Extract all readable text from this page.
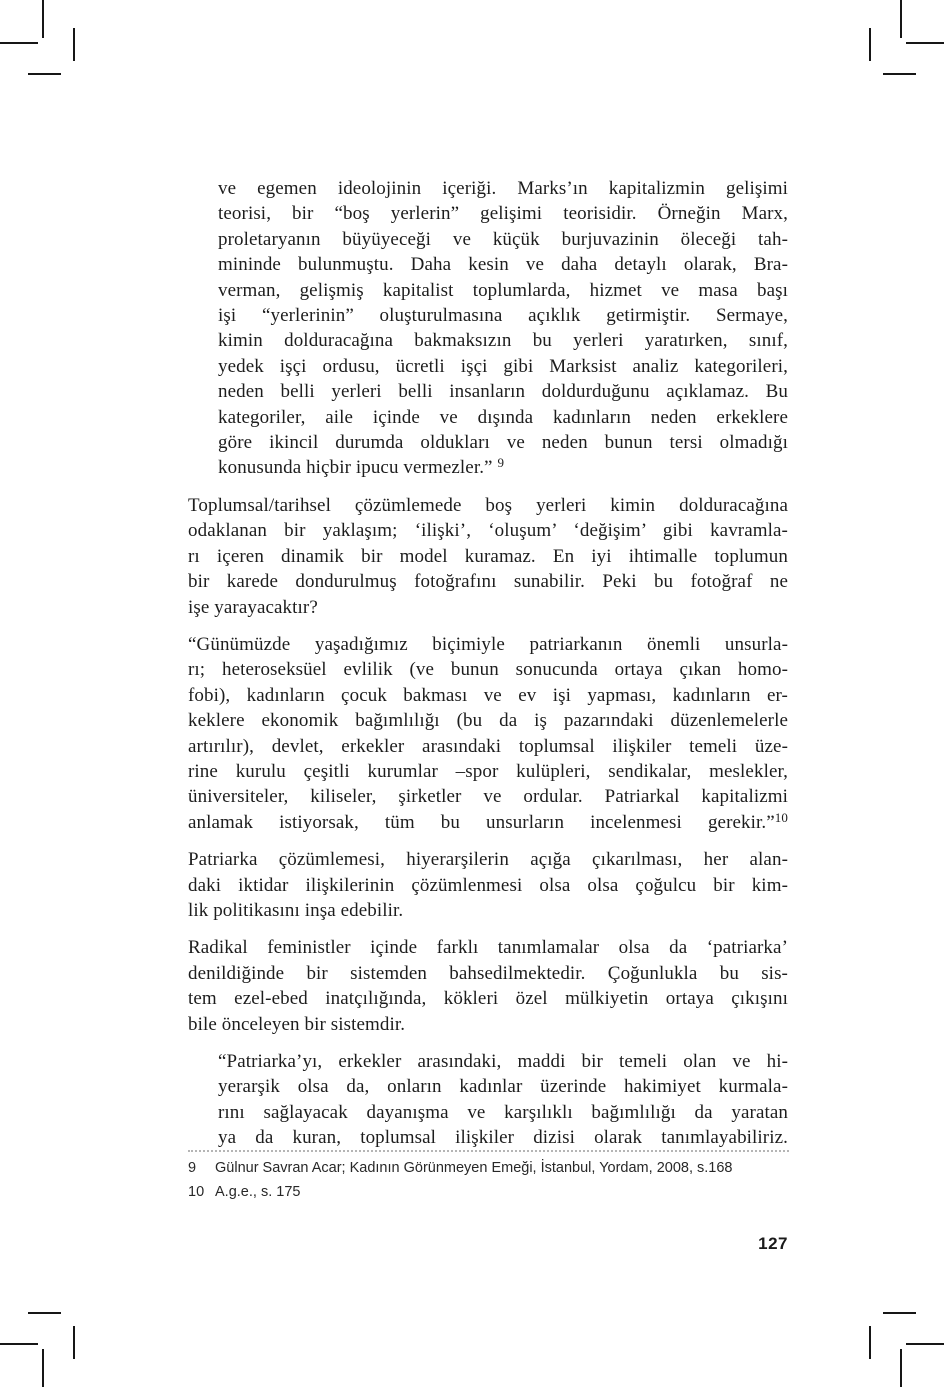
ve egemen ideolojinin içeriği. Marks’ın kapitalizmin gelişimi
teorisi, bir “boş yerlerin” gelişimi teorisidir. Örneğin Marx,
proletaryanın büyüyeceği ve küçük burjuvazinin öleceği tah-
mininde bulunmuştu. Daha kesin ve daha detaylı olarak, Bra-
verman, gelişmiş kapitalist toplumlarda, hizmet ve masa başı
işi “yerlerinin” oluşturulmasına açıklık getirmiştir. Sermaye,
kimin dolduracağına bakmaksızın bu yerleri yaratırken, sınıf,
yedek işçi ordusu, ücretli işçi gibi Marksist analiz kategorileri,
neden belli yerleri belli insanların doldurduğunu açıklamaz. Bu
kategoriler, aile içinde ve dışında kadınların neden erkeklere
göre ikincil durumda oldukları ve neden bunun tersi olmadığı
konusunda hiçbir ipucu vermezler.” $^9$
Toplumsal/tarihsel çözümlemede boş yerleri kimin dolduracağına
odaklanan bir yaklaşım; ‘ilişki’, ‘oluşum’ ‘değişim’ gibi kavramla-
rı içeren dinamik bir model kuramaz. En iyi ihtimalle toplumun
bir karede dondurulmuş fotoğrafını sunabilir. Peki bu fotoğraf ne
işe yarayacaktır?
“Günümüzde yaşadığımız biçimiyle patriarkanın önemli unsurla-
rı; heteroseksüel evlilik (ve bunun sonucunda ortaya çıkan homo-
fobi), kadınların çocuk bakması ve ev işi yapması, kadınların er-
keklere ekonomik bağımlılığı (bu da iş pazarındaki düzenlemelerle
artırılır), devlet, erkekler arasındaki toplumsal ilişkiler temeli üze-
rine kurulu çeşitli kurumlar –spor kulüpleri, sendikalar, meslekler,
üniversiteler, kiliseler, şirketler ve ordular. Patriarkal kapitalizmi
anlamak istiyorsak, tüm bu unsurların incelenmesi gerekir.”$^{10}$
Patriarka çözümlemesi, hiyerarşilerin açığa çıkarılması, her alan-
daki iktidar ilişkilerinin çözümlenmesi olsa olsa çoğulcu bir kim-
lik politikasını inşa edebilir.
Radikal feministler içinde farklı tanımlamalar olsa da ‘patriarka’
denildiğinde bir sistemden bahsedilmektedir. Çoğunlukla bu sis-
tem ezel-ebed inatçılığında, kökleri özel mülkiyetin ortaya çıkışını
bile önceleyen bir sistemdir.
“Patriarka’yı, erkekler arasındaki, maddi bir temeli olan ve hi-
yerarşik olsa da, onların kadınlar üzerinde hakimiyet kurmala-
rını sağlayacak dayanışma ve karşılıklı bağımlılığı da yaratan
ya da kuran, toplumsal ilişkiler dizisi olarak tanımlayabiliriz.
9	Gülnur Savran Acar; Kadının Görünmeyen Emeği, İstanbul, Yordam, 2008, s.168
10 A.g.e., s. 175
127
